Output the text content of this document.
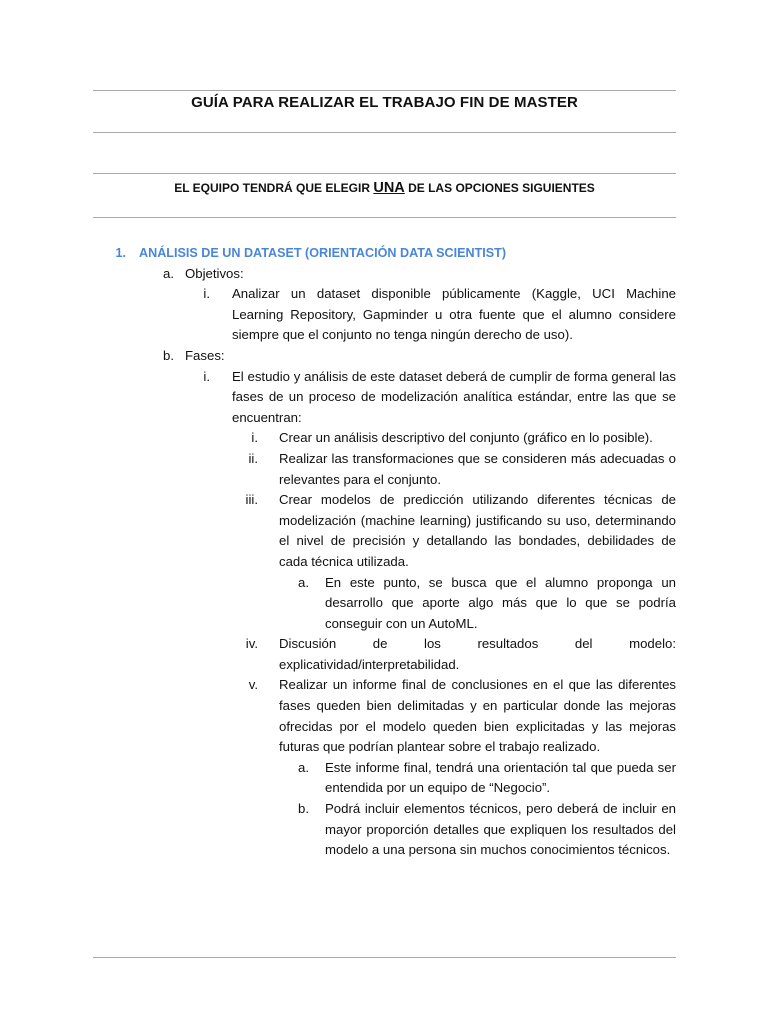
GUÍA PARA REALIZAR EL TRABAJO FIN DE MASTER
EL EQUIPO TENDRÁ QUE ELEGIR UNA DE LAS OPCIONES SIGUIENTES
1. ANÁLISIS DE UN DATASET (ORIENTACIÓN DATA SCIENTIST)
a. Objetivos:
i. Analizar un dataset disponible públicamente (Kaggle, UCI Machine Learning Repository, Gapminder u otra fuente que el alumno considere siempre que el conjunto no tenga ningún derecho de uso).
b. Fases:
i. El estudio y análisis de este dataset deberá de cumplir de forma general las fases de un proceso de modelización analítica estándar, entre las que se encuentran:
i. Crear un análisis descriptivo del conjunto (gráfico en lo posible).
ii. Realizar las transformaciones que se consideren más adecuadas o relevantes para el conjunto.
iii. Crear modelos de predicción utilizando diferentes técnicas de modelización (machine learning) justificando su uso, determinando el nivel de precisión y detallando las bondades, debilidades de cada técnica utilizada.
a. En este punto, se busca que el alumno proponga un desarrollo que aporte algo más que lo que se podría conseguir con un AutoML.
iv. Discusión de los resultados del modelo: explicatividad/interpretabilidad.
v. Realizar un informe final de conclusiones en el que las diferentes fases queden bien delimitadas y en particular donde las mejoras ofrecidas por el modelo queden bien explicitadas y las mejoras futuras que podrían plantear sobre el trabajo realizado.
a. Este informe final, tendrá una orientación tal que pueda ser entendida por un equipo de “Negocio”.
b. Podrá incluir elementos técnicos, pero deberá de incluir en mayor proporción detalles que expliquen los resultados del modelo a una persona sin muchos conocimientos técnicos.
